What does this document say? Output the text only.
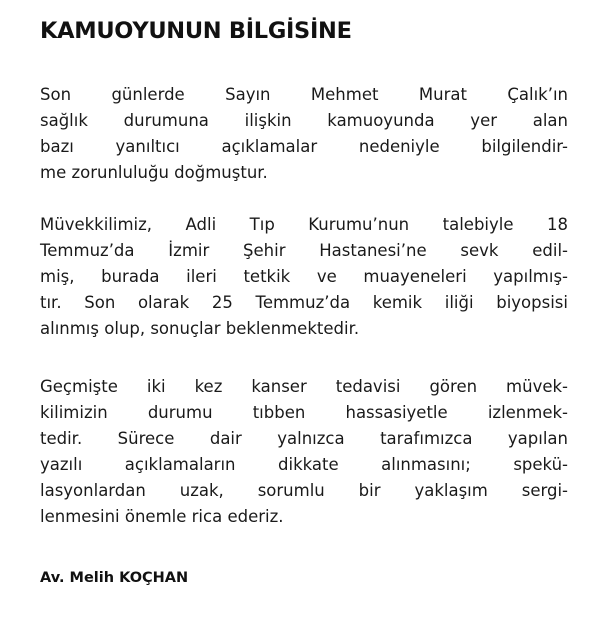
KAMUOYUNUN BİLGİSİNE
Son günlerde Sayın Mehmet Murat Çalık’ın
sağlık durumuna ilişkin kamuoyunda yer alan
bazı yanıltıcı açıklamalar nedeniyle bilgilendir-
me zorunluluğu doğmuştur.
Müvekkilimiz, Adli Tıp Kurumu’nun talebiyle 18
Temmuz’da İzmir Şehir Hastanesi’ne sevk edil-
miş, burada ileri tetkik ve muayeneleri yapılmış-
tır. Son olarak 25 Temmuz’da kemik iliği biyopsisi
alınmış olup, sonuçlar beklenmektedir.
Geçmişte iki kez kanser tedavisi gören müvek-
kilimizin durumu tıbben hassasiyetle izlenmek-
tedir. Sürece dair yalnızca tarafımızca yapılan
yazılı açıklamaların dikkate alınmasını; spekü-
lasyonlardan uzak, sorumlu bir yaklaşım sergi-
lenmesini önemle rica ederiz.
Av. Melih KOÇHAN
